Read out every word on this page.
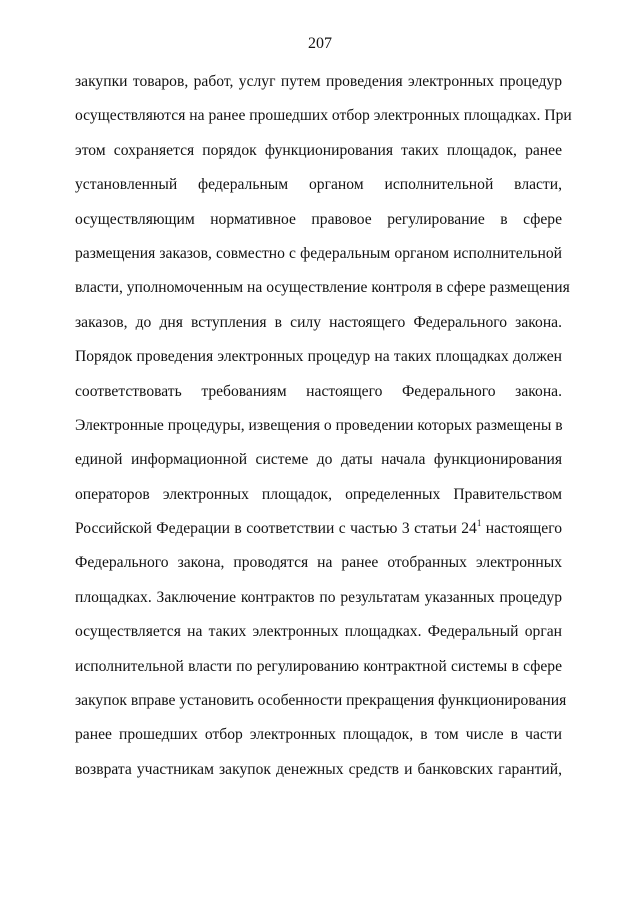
207
закупки товаров, работ, услуг путем проведения электронных процедур
осуществляются на ранее прошедших отбор электронных площадках. При
этом сохраняется порядок функционирования таких площадок, ранее
установленный федеральным органом исполнительной власти,
осуществляющим нормативное правовое регулирование в сфере
размещения заказов, совместно с федеральным органом исполнительной
власти, уполномоченным на осуществление контроля в сфере размещения
заказов, до дня вступления в силу настоящего Федерального закона.
Порядок проведения электронных процедур на таких площадках должен
соответствовать требованиям настоящего Федерального закона.
Электронные процедуры, извещения о проведении которых размещены в
единой информационной системе до даты начала функционирования
операторов электронных площадок, определенных Правительством
Российской Федерации в соответствии с частью 3 статьи $24^1$ настоящего
Федерального закона, проводятся на ранее отобранных электронных
площадках. Заключение контрактов по результатам указанных процедур
осуществляется на таких электронных площадках. Федеральный орган
исполнительной власти по регулированию контрактной системы в сфере
закупок вправе установить особенности прекращения функционирования
ранее прошедших отбор электронных площадок, в том числе в части
возврата участникам закупок денежных средств и банковских гарантий,
